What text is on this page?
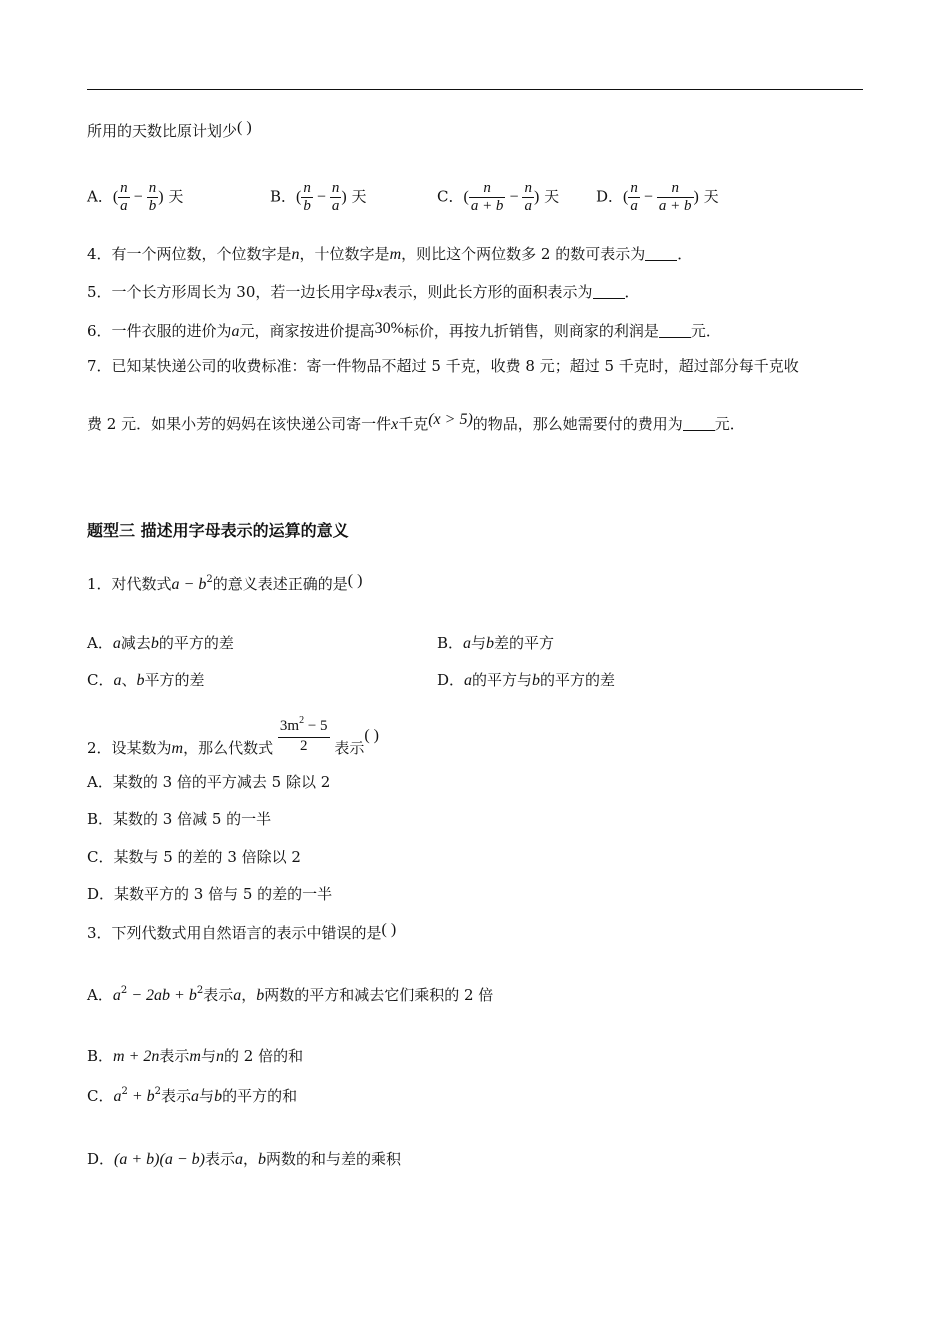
所用的天数比原计划少( )
A．( $\frac{n}{a} - \frac{n}{b}$ ) 天	B．( $\frac{n}{b} - \frac{n}{a}$ ) 天	C．( $\frac{n}{a + b} - \frac{n}{a}$ ) 天 D．( $\frac{n}{a} - \frac{n}{a + b}$ ) 天
4．有一个两位数，个位数字是n，十位数字是m，则比这个两位数多 2 的数可表示为 ．
5．一个长方形周长为 30，若一边长用字母x表示，则此长方形的面积表示为 ．
6．一件衣服的进价为a元，商家按进价提高30%标价，再按九折销售，则商家的利润是 元．
7．已知某快递公司的收费标准：寄一件物品不超过 5 千克，收费 8 元；超过 5 千克时，超过部分每千克收
费 2 元．如果小芳的妈妈在该快递公司寄一件x千克(x > 5)的物品，那么她需要付的费用为 元．
题型三 描述用字母表示的运算的意义
1．对代数式$a - b^2$的意义表述正确的是( )
A．a减去b的平方的差	B．a与b差的平方
C．a、b平方的差	D．a的平方与b的平方的差
2．设某数为m，那么代数式 $\frac{3m^2 - 5}{2}$ 表示( )
A．某数的 3 倍的平方减去 5 除以 2
B．某数的 3 倍减 5 的一半
C．某数与 5 的差的 3 倍除以 2
D．某数平方的 3 倍与 5 的差的一半
3．下列代数式用自然语言的表示中错误的是( )
A．$a^2 - 2ab + b^2$表示a，b两数的平方和减去它们乘积的 2 倍
B．m + 2n表示m与n的 2 倍的和
C．$a^2 + b^2$表示a与b的平方的和
D．(a + b)(a − b)表示a，b两数的和与差的乘积
